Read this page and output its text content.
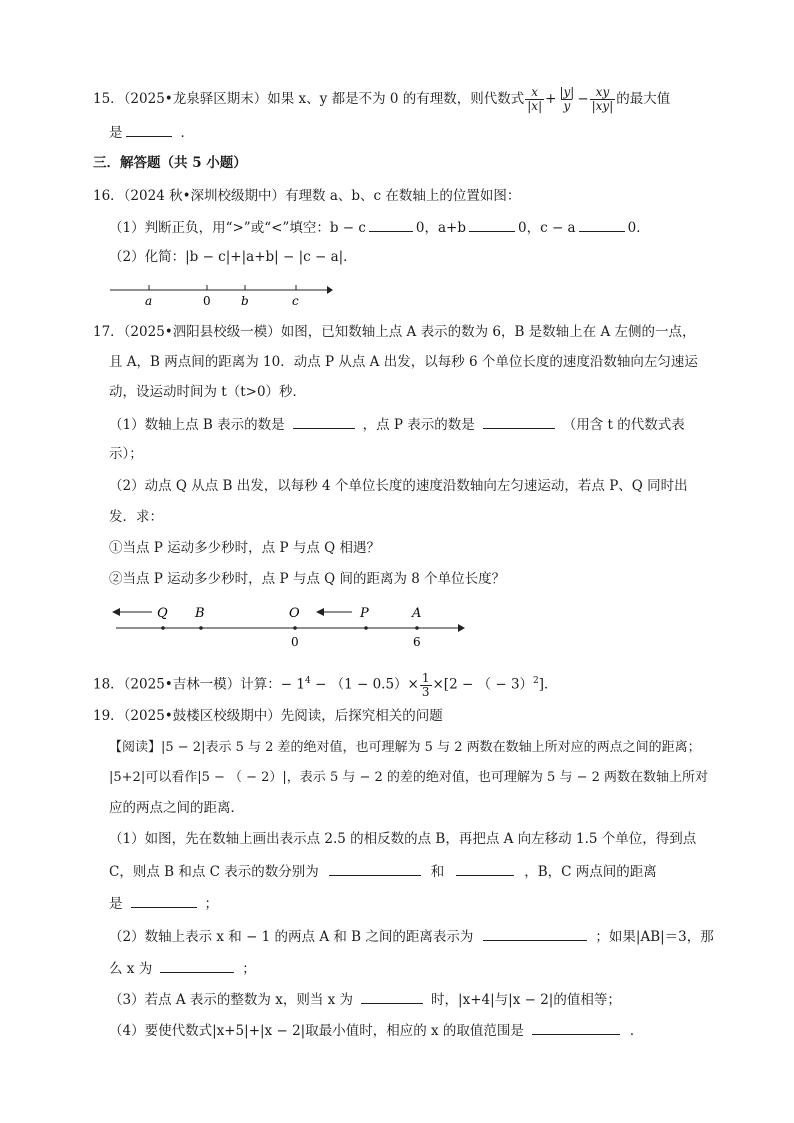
15．（2025•龙泉驿区期末）如果 x、y 都是不为 0 的有理数，则代数式 $\frac{x}{|x|} + \frac{|y|}{y} - \frac{xy}{|xy|}$ 的最大值
是	．
三．解答题（共 5 小题）
16．（2024 秋•深圳校级期中）有理数 a、b、c 在数轴上的位置如图：
（1）判断正负，用“>”或“<”填空：b − c	0，a+b	0，c − a	0．
（2）化简：|b − c|+|a+b| − |c − a|．
a	0	b	c
17．（2025•泗阳县校级一模）如图，已知数轴上点 A 表示的数为 6，B 是数轴上在 A 左侧的一点，
且 A，B 两点间的距离为 10．动点 P 从点 A 出发，以每秒 6 个单位长度的速度沿数轴向左匀速运
动，设运动时间为 t（t>0）秒．
（1）数轴上点 B 表示的数是	，点 P 表示的数是	（用含 t 的代数式表
示）；
（2）动点 Q 从点 B 出发，以每秒 4 个单位长度的速度沿数轴向左匀速运动，若点 P、Q 同时出
发．求：
①当点 P 运动多少秒时，点 P 与点 Q 相遇？
②当点 P 运动多少秒时，点 P 与点 Q 间的距离为 8 个单位长度？
Q B	O	P	A
0	6
18．（2025•吉林一模）计算：− $1^4 - (1 - 0.5)\times \frac{1}{3} \times[2$ − （ − 3）$^2$]．
19．（2025•鼓楼区校级期中）先阅读，后探究相关的问题
【阅读】|5 − 2|表示 5 与 2 差的绝对值，也可理解为 5 与 2 两数在数轴上所对应的两点之间的距离；
|5+2|可以看作|5 − （ − 2）|，表示 5 与 − 2 的差的绝对值，也可理解为 5 与 − 2 两数在数轴上所对
应的两点之间的距离．
（1）如图，先在数轴上画出表示点 2.5 的相反数的点 B，再把点 A 向左移动 1.5 个单位，得到点
C，则点 B 和点 C 表示的数分别为	和	，B，C 两点间的距离
是	；
（2）数轴上表示 x 和 − 1 的两点 A 和 B 之间的距离表示为	；如果|AB|＝3，那
么 x 为	；
（3）若点 A 表示的整数为 x，则当 x 为	时，|x+4|与|x − 2|的值相等；
（4）要使代数式|x+5|+|x − 2|取最小值时，相应的 x 的取值范围是	．
